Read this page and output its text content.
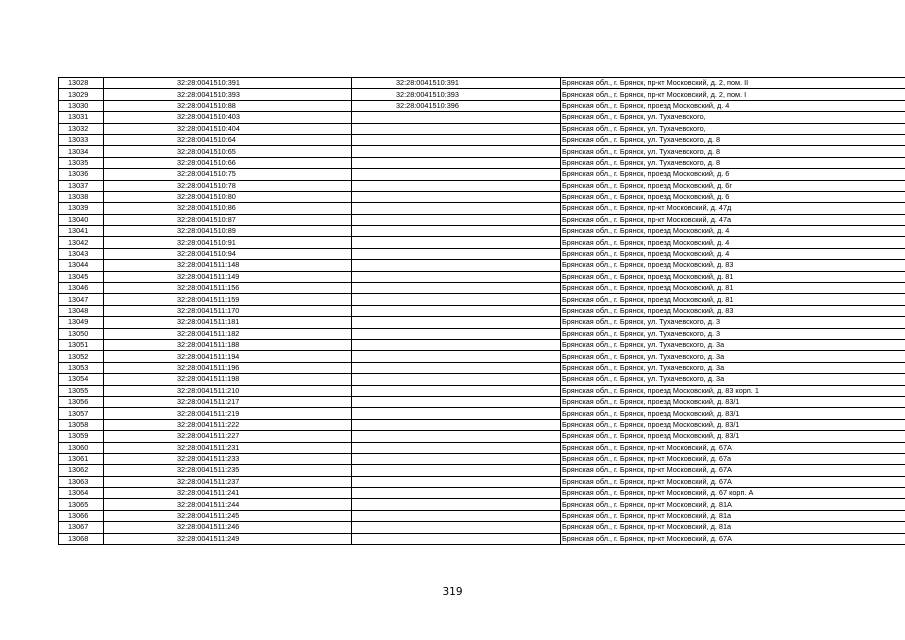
13028	32:28:0041510:391	32:28:0041510:391	Брянская обл., г. Брянск, пр-кт Московский, д. 2, пом. II
13029	32:28:0041510:393	32:28:0041510:393	Брянская обл., г. Брянск, пр-кт Московский, д. 2, пом. I
13030	32:28:0041510:88	32:28:0041510:396	Брянская обл., г. Брянск, проезд Московский, д. 4
13031	32:28:0041510:403		Брянская обл., г. Брянск, ул. Тухачевского,
13032	32:28:0041510:404		Брянская обл., г. Брянск, ул. Тухачевского,
13033	32:28:0041510:64		Брянская обл., г. Брянск, ул. Тухачевского, д. 8
13034	32:28:0041510:65		Брянская обл., г. Брянск, ул. Тухачевского, д. 8
13035	32:28:0041510:66		Брянская обл., г. Брянск, ул. Тухачевского, д. 8
13036	32:28:0041510:75		Брянская обл., г. Брянск, проезд Московский, д. 6
13037	32:28:0041510:78		Брянская обл., г. Брянск, проезд Московский, д. 6г
13038	32:28:0041510:80		Брянская обл., г. Брянск, проезд Московский, д. 6
13039	32:28:0041510:86		Брянская обл., г. Брянск, пр-кт Московский, д. 47д
13040	32:28:0041510:87		Брянская обл., г. Брянск, пр-кт Московский, д. 47а
13041	32:28:0041510:89		Брянская обл., г. Брянск, проезд Московский, д. 4
13042	32:28:0041510:91		Брянская обл., г. Брянск, проезд Московский, д. 4
13043	32:28:0041510:94		Брянская обл., г. Брянск, проезд Московский, д. 4
13044	32:28:0041511:148		Брянская обл., г. Брянск, проезд Московский, д. 83
13045	32:28:0041511:149		Брянская обл., г. Брянск, проезд Московский, д. 81
13046	32:28:0041511:156		Брянская обл., г. Брянск, проезд Московский, д. 81
13047	32:28:0041511:159		Брянская обл., г. Брянск, проезд Московский, д. 81
13048	32:28:0041511:170		Брянская обл., г. Брянск, проезд Московский, д. 83
13049	32:28:0041511:181		Брянская обл., г. Брянск, ул. Тухачевского, д. 3
13050	32:28:0041511:182		Брянская обл., г. Брянск, ул. Тухачевского, д. 3
13051	32:28:0041511:188		Брянская обл., г. Брянск, ул. Тухачевского, д. 3а
13052	32:28:0041511:194		Брянская обл., г. Брянск, ул. Тухачевского, д. 3а
13053	32:28:0041511:196		Брянская обл., г. Брянск, ул. Тухачевского, д. 3а
13054	32:28:0041511:198		Брянская обл., г. Брянск, ул. Тухачевского, д. 3а
13055	32:28:0041511:210		Брянская обл., г. Брянск, проезд Московский, д. 83 корп. 1
13056	32:28:0041511:217		Брянская обл., г. Брянск, проезд Московский, д. 83/1
13057	32:28:0041511:219		Брянская обл., г. Брянск, проезд Московский, д. 83/1
13058	32:28:0041511:222		Брянская обл., г. Брянск, проезд Московский, д. 83/1
13059	32:28:0041511:227		Брянская обл., г. Брянск, проезд Московский, д. 83/1
13060	32:28:0041511:231		Брянская обл., г. Брянск, пр-кт Московский, д. 67А
13061	32:28:0041511:233		Брянская обл., г. Брянск, пр-кт Московский, д. 67а
13062	32:28:0041511:235		Брянская обл., г. Брянск, пр-кт Московский, д. 67А
13063	32:28:0041511:237		Брянская обл., г. Брянск, пр-кт Московский, д. 67А
13064	32:28:0041511:241		Брянская обл., г. Брянск, пр-кт Московский, д. 67 корп. А
13065	32:28:0041511:244		Брянская обл., г. Брянск, пр-кт Московский, д. 81А
13066	32:28:0041511:245		Брянская обл., г. Брянск, пр-кт Московский, д. 81а
13067	32:28:0041511:246		Брянская обл., г. Брянск, пр-кт Московский, д. 81а
13068	32:28:0041511:249		Брянская обл., г. Брянск, пр-кт Московский, д. 67А
319
